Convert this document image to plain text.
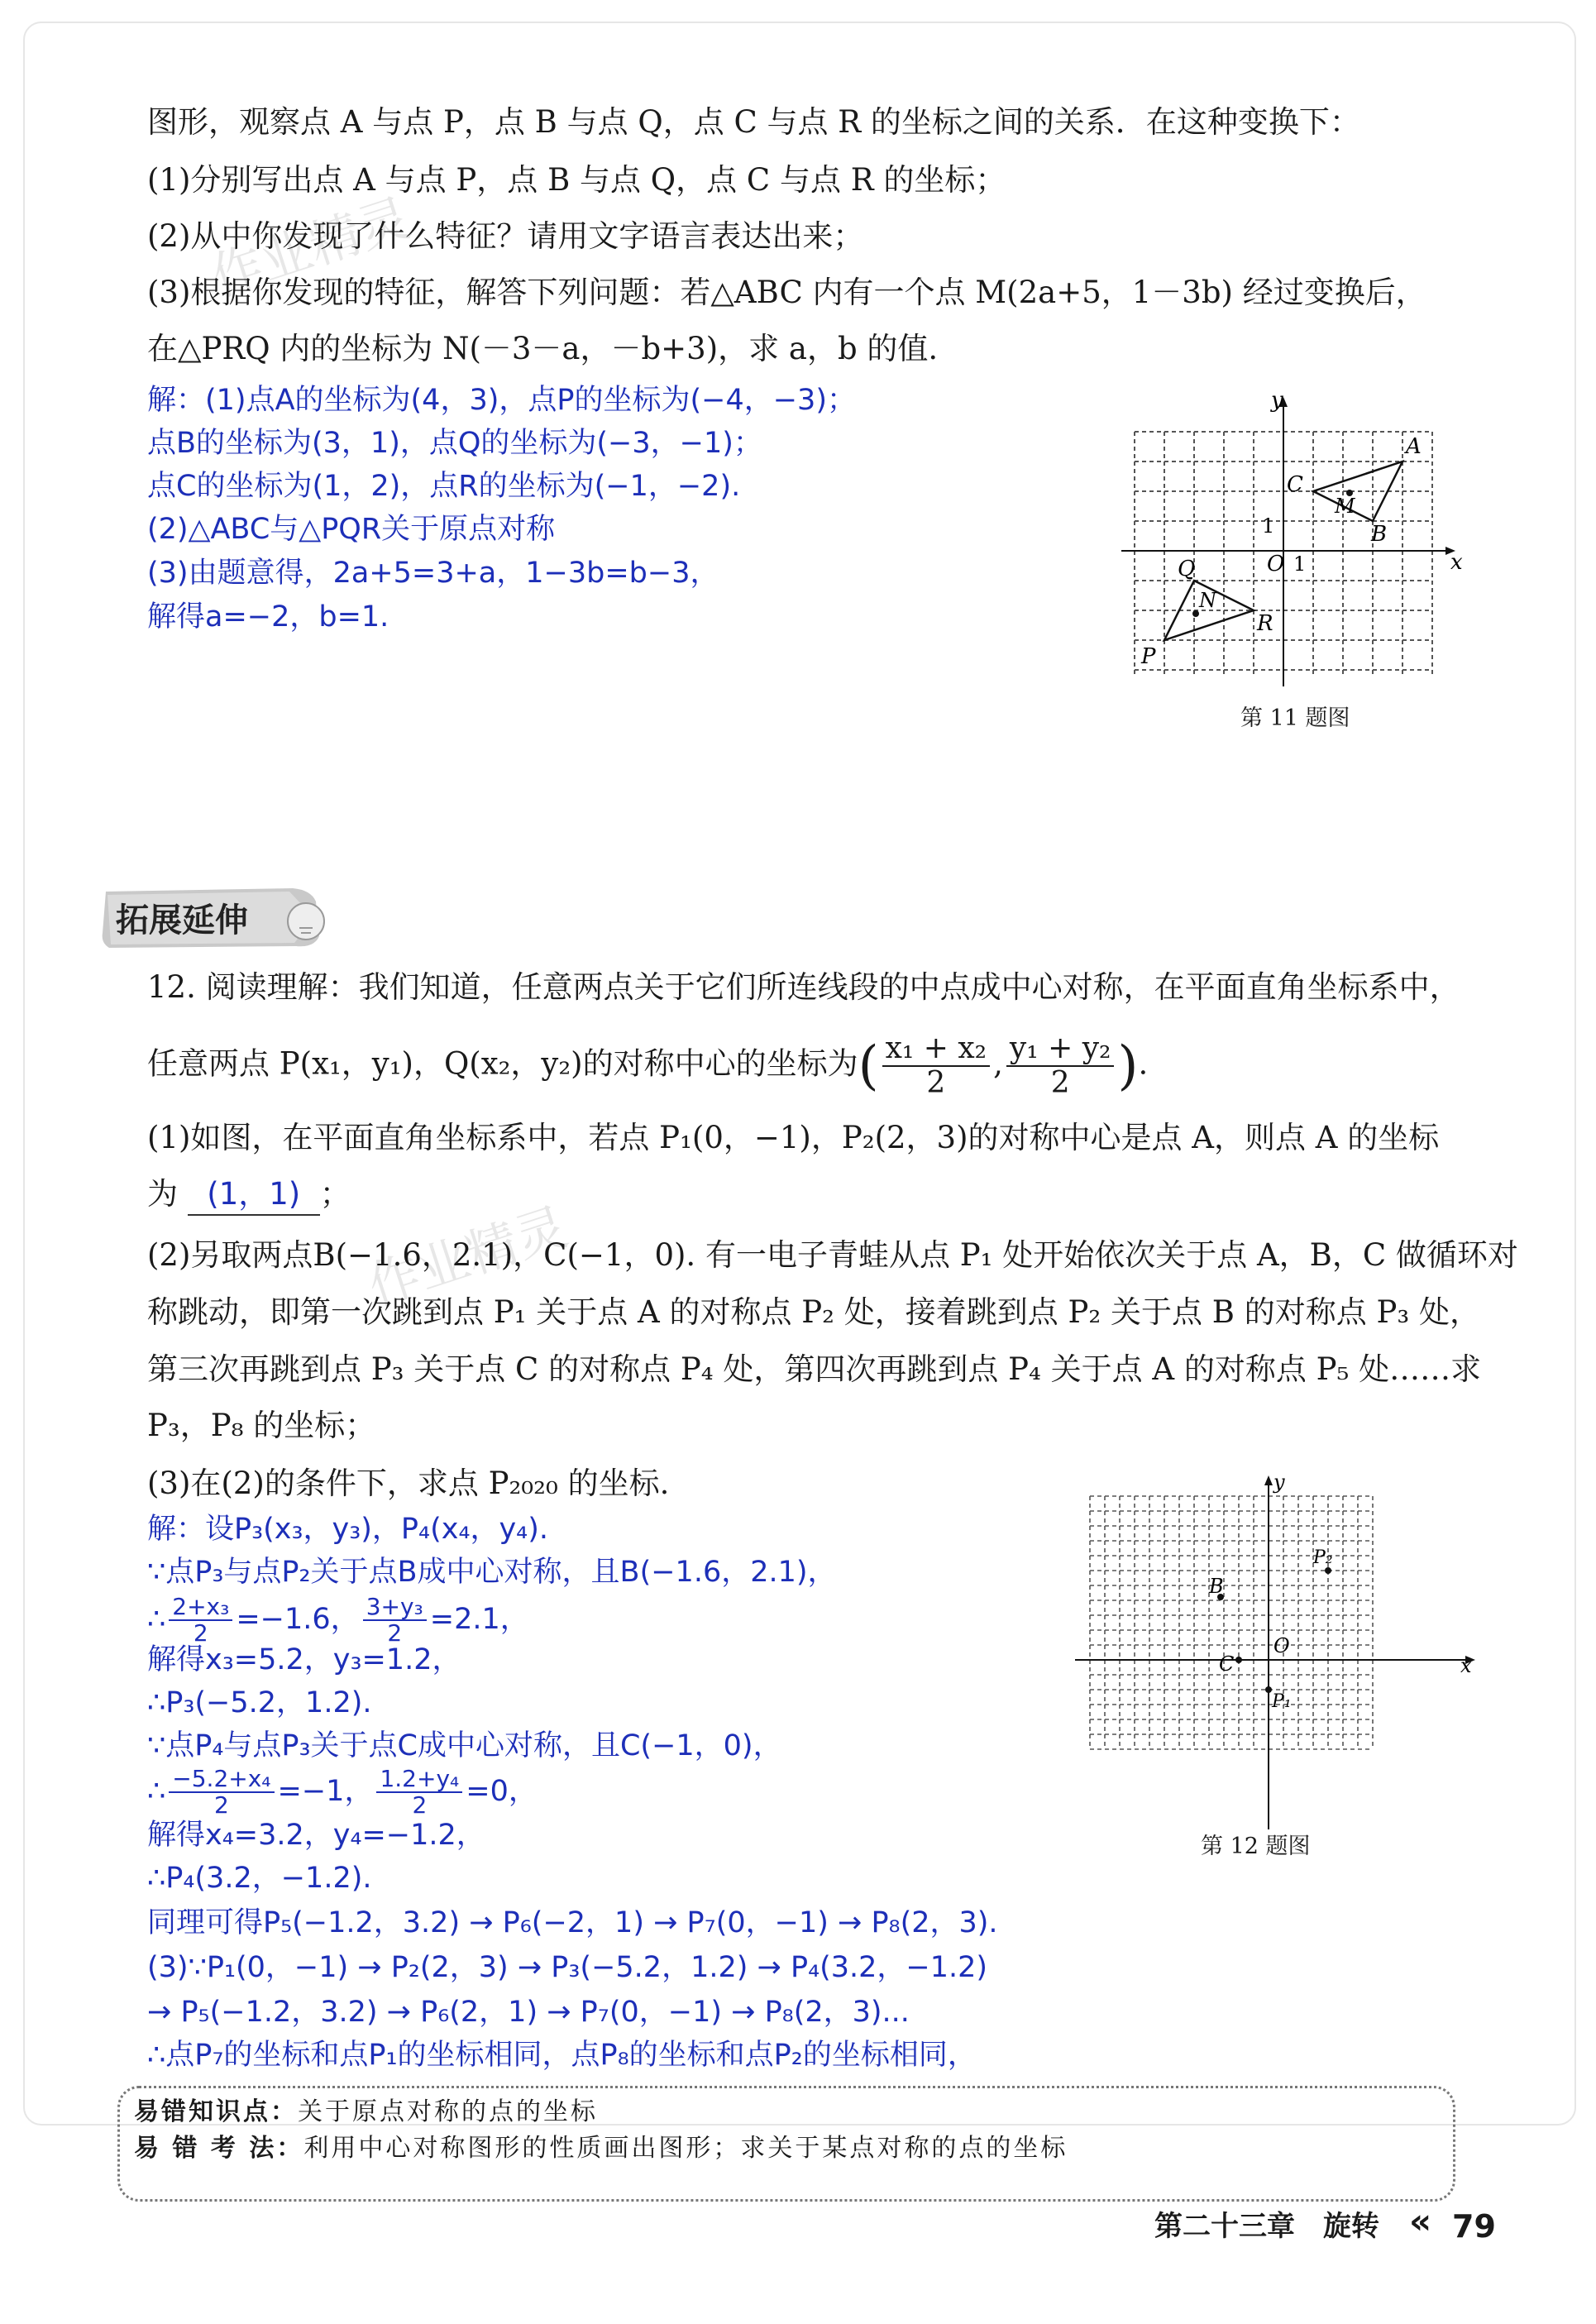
作业精灵
作业精灵
图形，观察点 A 与点 P，点 B 与点 Q，点 C 与点 R 的坐标之间的关系．在这种变换下：
(1)分别写出点 A 与点 P，点 B 与点 Q，点 C 与点 R 的坐标；
(2)从中你发现了什么特征？请用文字语言表达出来；
(3)根据你发现的特征，解答下列问题：若△ABC 内有一个点 M(2a+5，1－3b) 经过变换后，
在△PRQ 内的坐标为 N(－3－a，－b+3)，求 a，b 的值.
解：(1)点A的坐标为(4，3)，点P的坐标为(−4，−3)；
点B的坐标为(3，1)，点Q的坐标为(−3，−1)；
点C的坐标为(1，2)，点R的坐标为(−1，−2).
(2)△ABC与△PQR关于原点对称
(3)由题意得，2a+5=3+a，1−3b=b−3，
解得a=−2，b=1.
y
x
O 1
1
A
B
C
M
P
Q
R
N
第 11 题图
拓展延伸
12. 阅读理解：我们知道，任意两点关于它们所连线段的中点成中心对称，在平面直角坐标系中，
任意两点 P(x₁，y₁)，Q(x₂，y₂)的对称中心的坐标为( $\frac{\text{x₁ + x₂}}{2}$ , $\frac{\text{y₁ + y₂}}{2}$ ).
(1)如图，在平面直角坐标系中，若点 P₁(0，−1)，P₂(2，3)的对称中心是点 A，则点 A 的坐标
为 (1，1) ；
(2)另取两点B(−1.6，2.1)，C(−1，0). 有一电子青蛙从点 P₁ 处开始依次关于点 A，B，C 做循环对
称跳动，即第一次跳到点 P₁ 关于点 A 的对称点 P₂ 处，接着跳到点 P₂ 关于点 B 的对称点 P₃ 处，
第三次再跳到点 P₃ 关于点 C 的对称点 P₄ 处，第四次再跳到点 P₄ 关于点 A 的对称点 P₅ 处……求
P₃，P₈ 的坐标；
(3)在(2)的条件下，求点 P₂₀₂₀ 的坐标.
解：设P₃(x₃，y₃)，P₄(x₄，y₄).
∵点P₃与点P₂关于点B成中心对称，且B(−1.6，2.1)，
∴ $\frac{\text{2+x₃}}{2} =-1.6$， $\frac{\text{3+y₃}}{2} =2.1$，
解得x₃=5.2，y₃=1.2，
∴P₃(−5.2，1.2).
∵点P₄与点P₃关于点C成中心对称，且C(−1，0)，
∴ $\frac{\text{−5.2+x₄}}{2} =-1$， $\frac{\text{1.2+y₄}}{2} =0$，
解得x₄=3.2，y₄=−1.2，
∴P₄(3.2，−1.2).
同理可得P₅(−1.2，3.2) → P₆(−2，1) → P₇(0，−1) → P₈(2，3).
(3)∵P₁(0，−1) → P₂(2，3) → P₃(−5.2，1.2) → P₄(3.2，−1.2)
→ P₅(−1.2，3.2) → P₆(2，1) → P₇(0，−1) → P₈(2，3)...
∴点P₇的坐标和点P₁的坐标相同，点P₈的坐标和点P₂的坐标相同，
y
x
O
B
C
P₁
P₂
第 12 题图
易错知识点：关于原点对称的点的坐标
易 错 考 法：利用中心对称图形的性质画出图形；求关于某点对称的点的坐标
第二十三章　旋转 « 79
